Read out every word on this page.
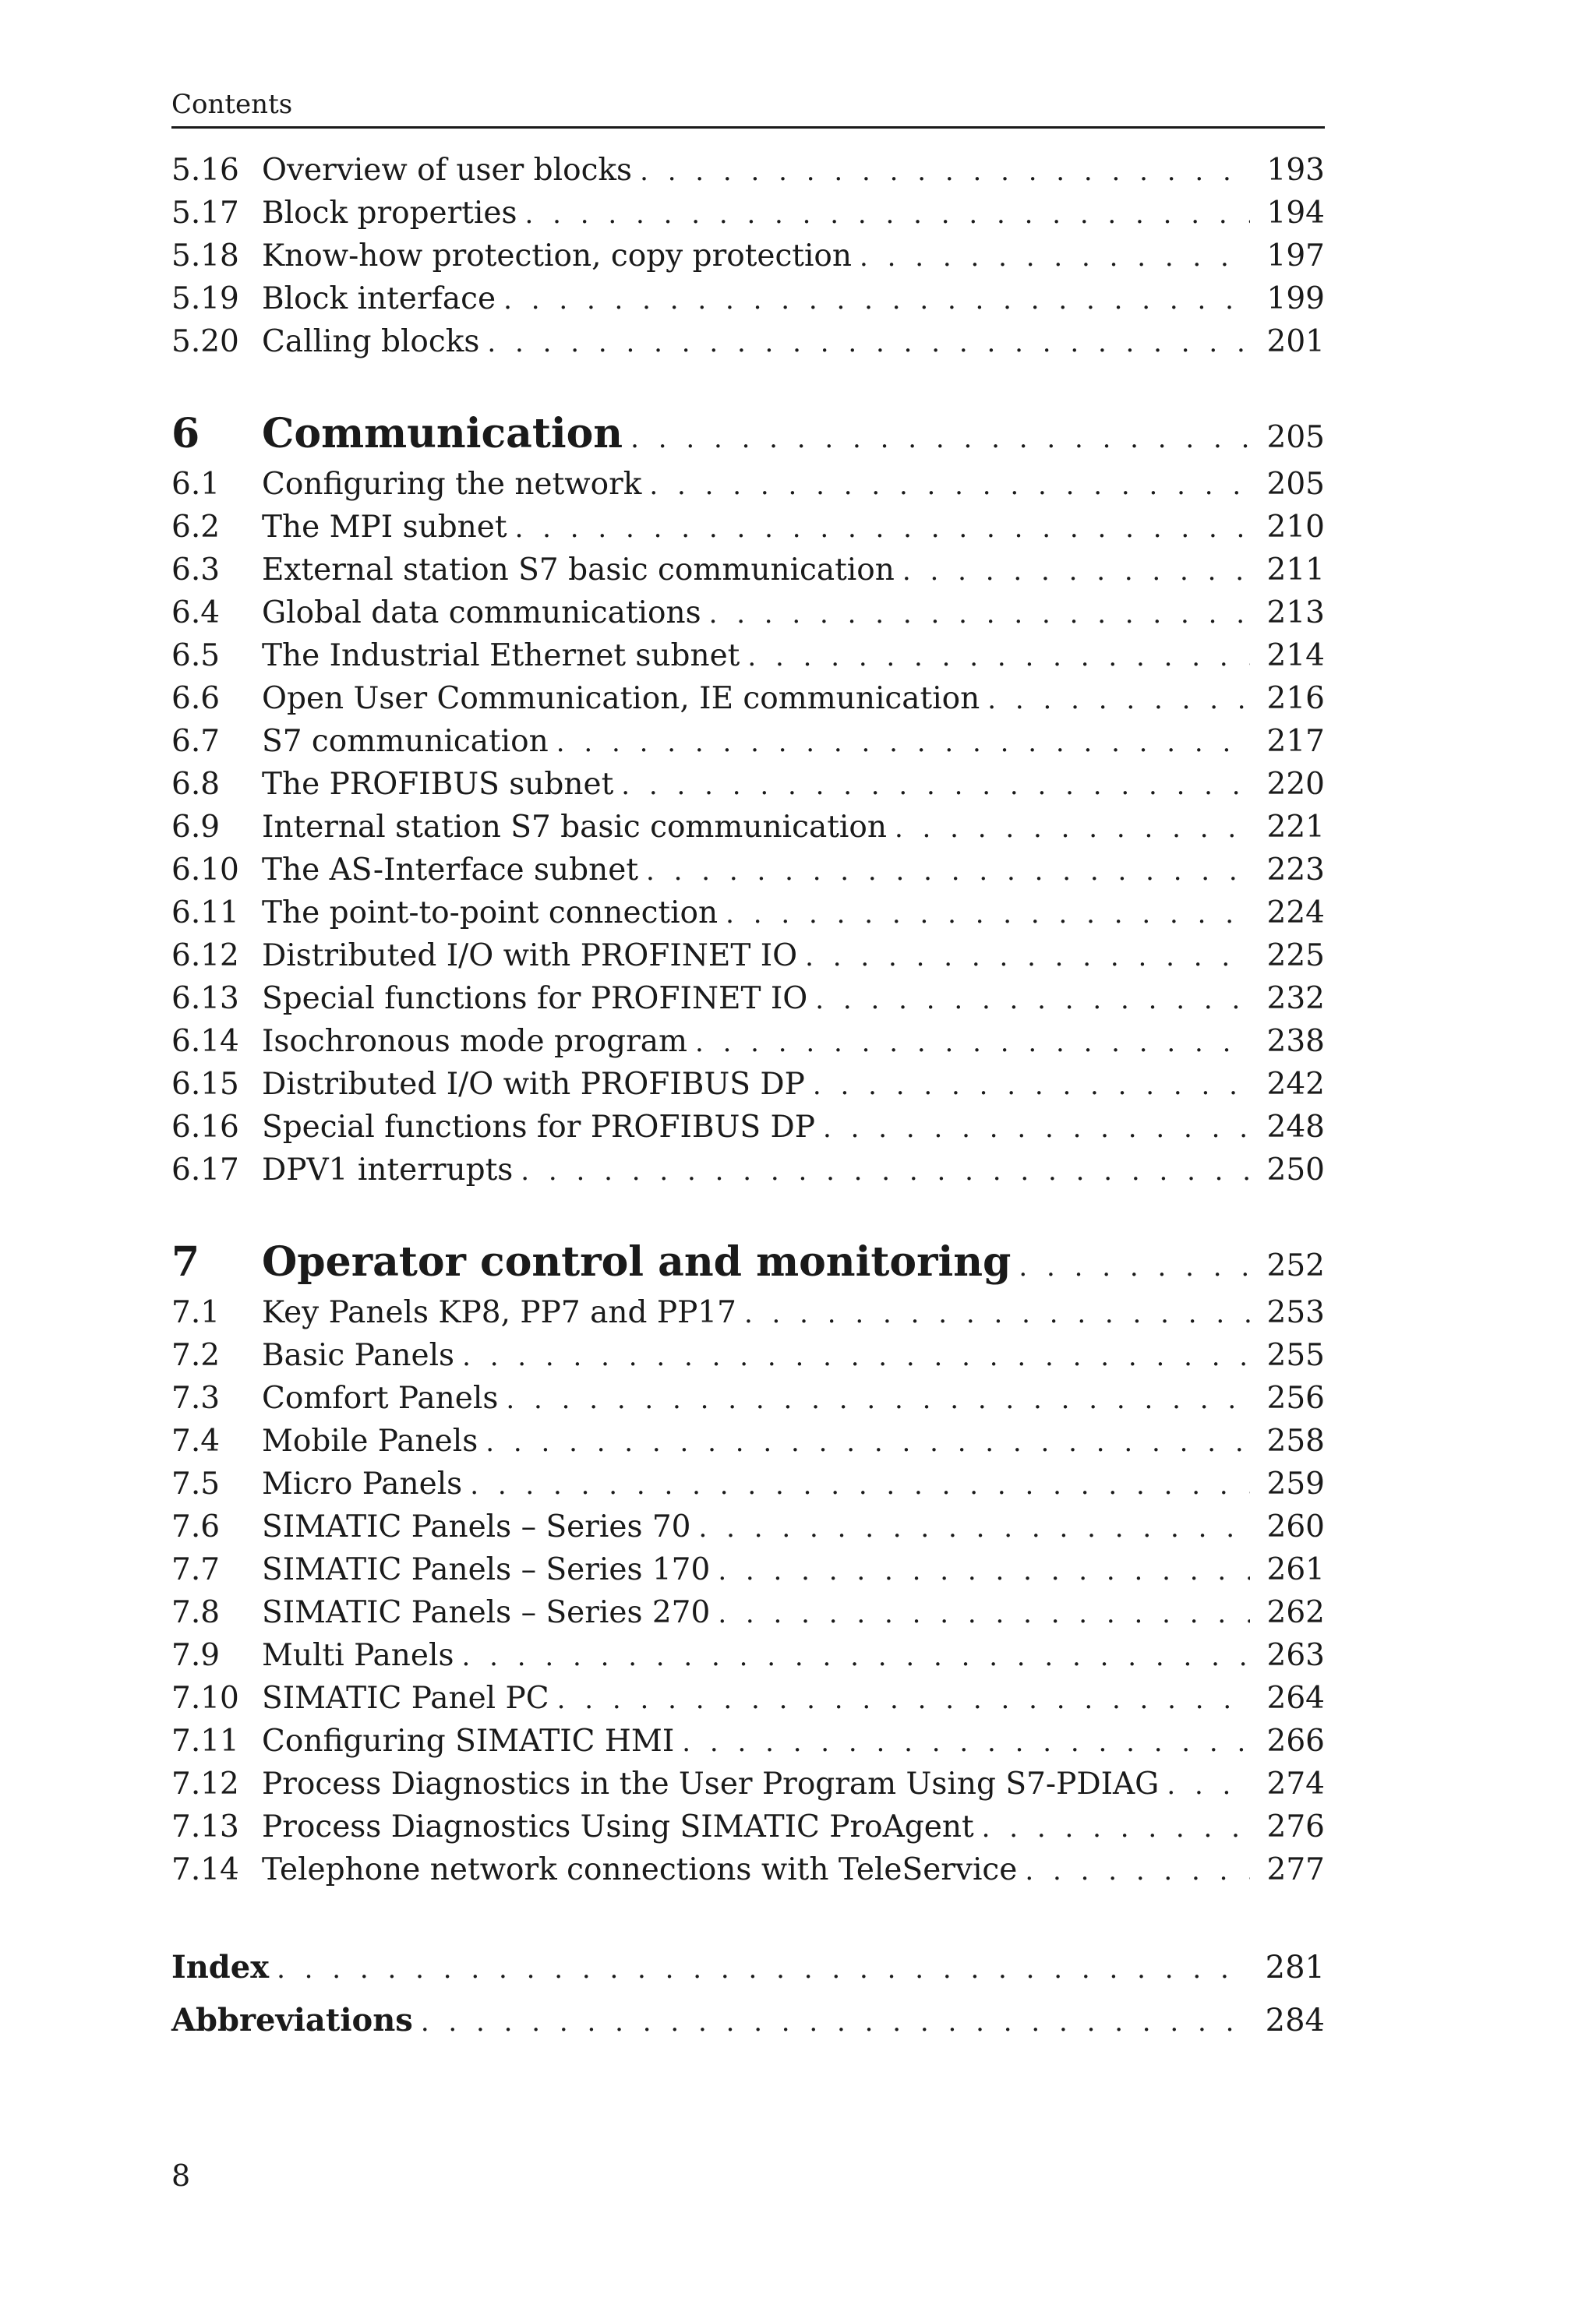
Contents
5.16 Overview of user blocks . . .	193
5.17 Block properties . . .	194
5.18 Know-how protection, copy protection . . .	197
5.19 Block interface . . .	199
5.20 Calling blocks . . .	201
6	Communication . . .	205
6.1	Configuring the network . . .	205
6.2	The MPI subnet . . .	210
6.3	External station S7 basic communication . . .	211
6.4	Global data communications . . .	213
6.5	The Industrial Ethernet subnet . . .	214
6.6	Open User Communication, IE communication . . .	216
6.7	S7 communication . . .	217
6.8	The PROFIBUS subnet . . .	220
6.9	Internal station S7 basic communication . . .	221
6.10 The AS-Interface subnet . . .	223
6.11 The point-to-point connection . . .	224
6.12 Distributed I/O with PROFINET IO . . .	225
6.13 Special functions for PROFINET IO . . .	232
6.14 Isochronous mode program . . .	238
6.15 Distributed I/O with PROFIBUS DP . . .	242
6.16 Special functions for PROFIBUS DP . . .	248
6.17 DPV1 interrupts . . .	250
7	Operator control and monitoring . . .	252
7.1	Key Panels KP8, PP7 and PP17 . . .	253
7.2	Basic Panels . . .	255
7.3	Comfort Panels . . .	256
7.4	Mobile Panels . . .	258
7.5	Micro Panels . . .	259
7.6	SIMATIC Panels – Series 70 . . .	260
7.7	SIMATIC Panels – Series 170 . . .	261
7.8	SIMATIC Panels – Series 270 . . .	262
7.9	Multi Panels . . .	263
7.10 SIMATIC Panel PC . . .	264
7.11 Configuring SIMATIC HMI . . .	266
7.12 Process Diagnostics in the User Program Using S7-PDIAG . . .	274
7.13 Process Diagnostics Using SIMATIC ProAgent . . .	276
7.14 Telephone network connections with TeleService . . .	277
Index . . .	281
Abbreviations . . .	284
8
